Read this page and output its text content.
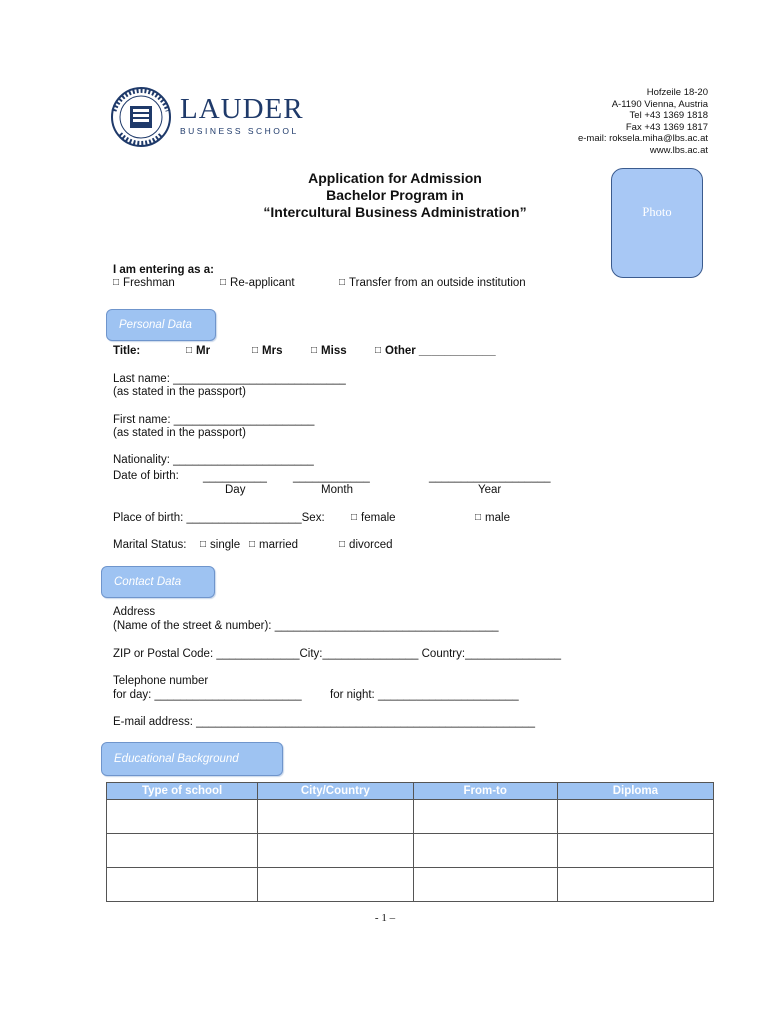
LAUDER
BUSINESS SCHOOL
Hofzeile 18-20
A-1190 Vienna, Austria
Tel +43 1369 1818
Fax +43 1369 1817
e-mail: roksela.miha@lbs.ac.at
www.lbs.ac.at
Application for Admission
Bachelor Program in
“Intercultural Business Administration”	Photo
I am entering as a:
□ Freshman	□ Re-applicant	□ Transfer from an outside institution
Personal Data
Title:	□ Mr	□ Mrs	□ Miss	□ Other ____________
Last name: ___________________________
(as stated in the passport)
First name: ______________________
(as stated in the passport)
Nationality: ______________________
Date of birth: __________ ____________	___________________
Day	Month	Year
Place of birth: __________________Sex:	□ female	□ male
Marital Status: □ single □ married	□ divorced
Contact Data
Address
(Name of the street & number): ___________________________________
ZIP or Postal Code: _____________City:_______________ Country:_______________
Telephone number
for day: _______________________ for night: ______________________
E-mail address: _____________________________________________________
Educational Background
Type of school	City/Country	From-to	Diploma

- 1 –
